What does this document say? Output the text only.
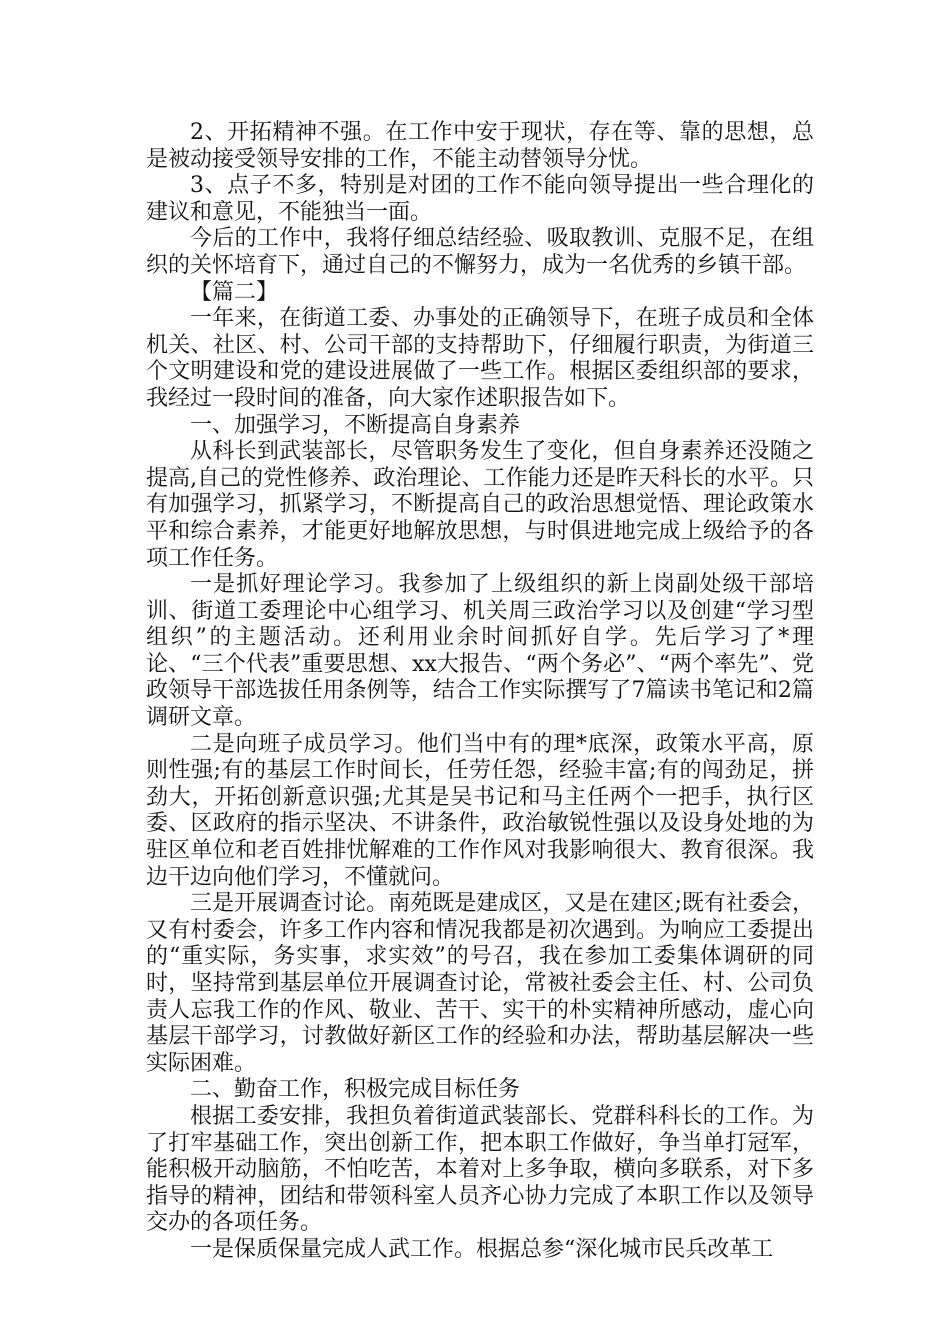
2、开拓精神不强。在工作中安于现状，存在等、靠的思想，总是被动接受领导安排的工作，不能主动替领导分忧。

3、点子不多，特别是对团的工作不能向领导提出一些合理化的建议和意见，不能独当一面。

今后的工作中，我将仔细总结经验、吸取教训、克服不足，在组织的关怀培育下，通过自己的不懈努力，成为一名优秀的乡镇干部。

【篇二】

一年来，在街道工委、办事处的正确领导下，在班子成员和全体机关、社区、村、公司干部的支持帮助下，仔细履行职责，为街道三个文明建设和党的建设进展做了一些工作。根据区委组织部的要求，我经过一段时间的准备，向大家作述职报告如下。

一、加强学习，不断提高自身素养

从科长到武装部长，尽管职务发生了变化，但自身素养还没随之提高,自己的党性修养、政治理论、工作能力还是昨天科长的水平。只有加强学习，抓紧学习，不断提高自己的政治思想觉悟、理论政策水平和综合素养，才能更好地解放思想，与时俱进地完成上级给予的各项工作任务。

一是抓好理论学习。我参加了上级组织的新上岗副处级干部培训、街道工委理论中心组学习、机关周三政治学习以及创建“学习型组织”的主题活动。还利用业余时间抓好自学。先后学习了*理论、“三个代表”重要思想、xx大报告、“两个务必”、“两个率先”、党政领导干部选拔任用条例等，结合工作实际撰写了7篇读书笔记和2篇调研文章。

二是向班子成员学习。他们当中有的理*底深，政策水平高，原则性强;有的基层工作时间长，任劳任怨，经验丰富;有的闯劲足，拼劲大，开拓创新意识强;尤其是吴书记和马主任两个一把手，执行区委、区政府的指示坚决、不讲条件，政治敏锐性强以及设身处地的为驻区单位和老百姓排忧解难的工作作风对我影响很大、教育很深。我边干边向他们学习，不懂就问。

三是开展调查讨论。南苑既是建成区，又是在建区;既有社委会，又有村委会，许多工作内容和情况我都是初次遇到。为响应工委提出的“重实际，务实事，求实效”的号召，我在参加工委集体调研的同时，坚持常到基层单位开展调查讨论，常被社委会主任、村、公司负责人忘我工作的作风、敬业、苦干、实干的朴实精神所感动，虚心向基层干部学习，讨教做好新区工作的经验和办法，帮助基层解决一些实际困难。

二、勤奋工作，积极完成目标任务

根据工委安排，我担负着街道武装部长、党群科科长的工作。为了打牢基础工作，突出创新工作，把本职工作做好，争当单打冠军，能积极开动脑筋，不怕吃苦，本着对上多争取，横向多联系，对下多指导的精神，团结和带领科室人员齐心协力完成了本职工作以及领导交办的各项任务。

一是保质保量完成人武工作。根据总参“深化城市民兵改革工
